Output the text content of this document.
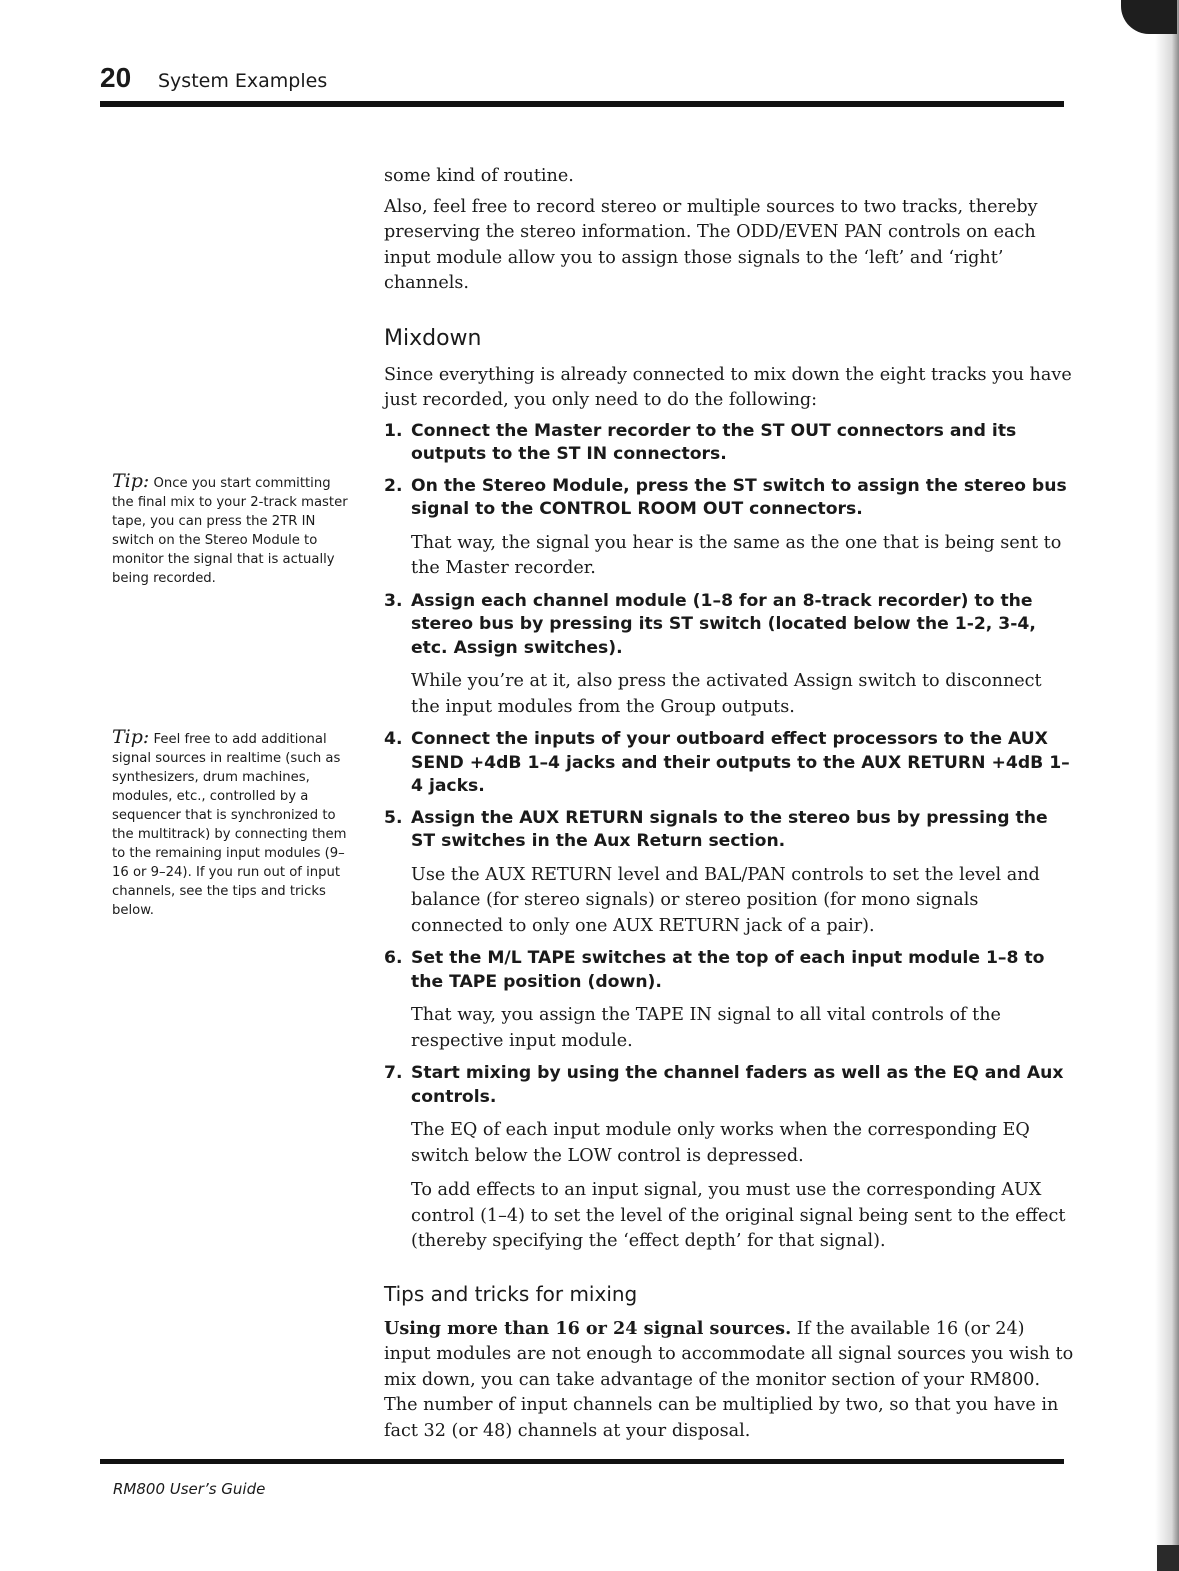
20 System Examples
Tip: Once you start committing the final mix to your 2-track master tape, you can press the 2TR IN switch on the Stereo Module to monitor the signal that is actually being recorded.
Tip: Feel free to add additional signal sources in realtime (such as synthesizers, drum machines, modules, etc., controlled by a sequencer that is synchronized to the multitrack) by connecting them to the remaining input modules (9–16 or 9–24). If you run out of input channels, see the tips and tricks below.

some kind of routine.

Also, feel free to record stereo or multiple sources to two tracks, thereby preserving the stereo information. The ODD/EVEN PAN controls on each input module allow you to assign those signals to the ‘left’ and ‘right’ channels.

Mixdown

Since everything is already connected to mix down the eight tracks you have just recorded, you only need to do the following:

1. Connect the Master recorder to the ST OUT connectors and its outputs to the ST IN connectors.
2. On the Stereo Module, press the ST switch to assign the stereo bus signal to the CONTROL ROOM OUT connectors.

That way, the signal you hear is the same as the one that is being sent to the Master recorder.

3. Assign each channel module (1–8 for an 8-track recorder) to the stereo bus by pressing its ST switch (located below the 1-2, 3-4, etc. Assign switches).

While you’re at it, also press the activated Assign switch to disconnect the input modules from the Group outputs.

4. Connect the inputs of your outboard effect processors to the AUX SEND +4dB 1–4 jacks and their outputs to the AUX RETURN +4dB 1–4 jacks.
5. Assign the AUX RETURN signals to the stereo bus by pressing the ST switches in the Aux Return section.

Use the AUX RETURN level and BAL/PAN controls to set the level and balance (for stereo signals) or stereo position (for mono signals connected to only one AUX RETURN jack of a pair).

6. Set the M/L TAPE switches at the top of each input module 1–8 to the TAPE position (down).

That way, you assign the TAPE IN signal to all vital controls of the respective input module.

7. Start mixing by using the channel faders as well as the EQ and Aux controls.

The EQ of each input module only works when the corresponding EQ switch below the LOW control is depressed.

To add effects to an input signal, you must use the corresponding AUX control (1–4) to set the level of the original signal being sent to the effect (thereby specifying the ‘effect depth’ for that signal).

Tips and tricks for mixing

Using more than 16 or 24 signal sources. If the available 16 (or 24) input modules are not enough to accommodate all signal sources you wish to mix down, you can take advantage of the monitor section of your RM800. The number of input channels can be multiplied by two, so that you have in fact 32 (or 48) channels at your disposal.

RM800 User’s Guide
